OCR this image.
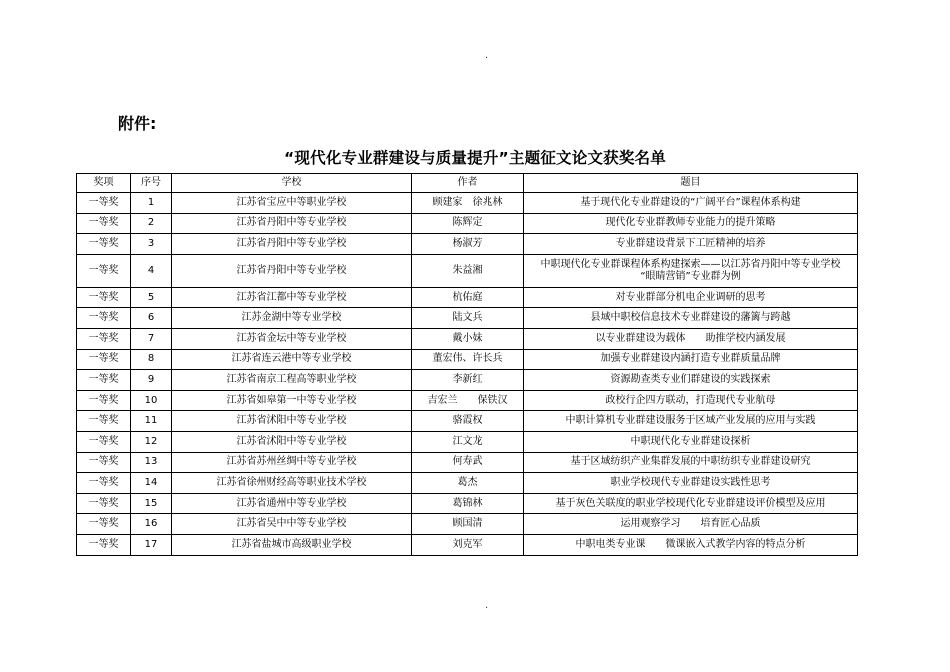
.
附件:
“现代化专业群建设与质量提升”主题征文论文获奖名单
奖项	序号	学校	作者	题目
一等奖	1	江苏省宝应中等职业学校	顾建家　徐兆林	基于现代化专业群建设的“广阔平台”课程体系构建
一等奖	2	江苏省丹阳中等专业学校	陈辉定	现代化专业群教师专业能力的提升策略
一等奖	3	江苏省丹阳中等专业学校	杨淑芳	专业群建设背景下工匠精神的培养
一等奖	4	江苏省丹阳中等专业学校	朱益湘	中职现代化专业群课程体系构建探索——以江苏省丹阳中等专业学校
“眼睛营销”专业群为例

一等奖	5	江苏省江都中等专业学校	杭佑庭	对专业群部分机电企业调研的思考
一等奖	6	江苏金湖中等专业学校	陆文兵	县域中职校信息技术专业群建设的藩篱与跨越
一等奖	7	江苏省金坛中等专业学校	戴小妹	以专业群建设为载体　　助推学校内涵发展
一等奖	8	江苏省连云港中等专业学校	董宏伟、许长兵	加强专业群建设内涵打造专业群质量品牌
一等奖	9	江苏省南京工程高等职业学校	李新红	资源勘查类专业们群建设的实践探索
一等奖	10	江苏省如皋第一中等专业学校	吉宏兰　　保铁汉	政校行企四方联动，打造现代专业航母
一等奖	11	江苏省沭阳中等专业学校	骆霞权	中职计算机专业群建设服务于区域产业发展的应用与实践
一等奖	12	江苏省沭阳中等专业学校	江文龙	中职现代化专业群建设探析
一等奖	13	江苏省苏州丝绸中等专业学校	何寿武	基于区域纺织产业集群发展的中职纺织专业群建设研究
一等奖	14	江苏省徐州财经高等职业技术学校	葛杰	职业学校现代专业群建设实践性思考
一等奖	15	江苏省通州中等专业学校	葛锦林	基于灰色关联度的职业学校现代化专业群建设评价模型及应用
一等奖	16	江苏省吴中中等专业学校	顾国清	运用观察学习　　培育匠心品质
一等奖	17	江苏省盐城市高级职业学校	刘克军	中职电类专业课　　微课嵌入式教学内容的特点分析
.
